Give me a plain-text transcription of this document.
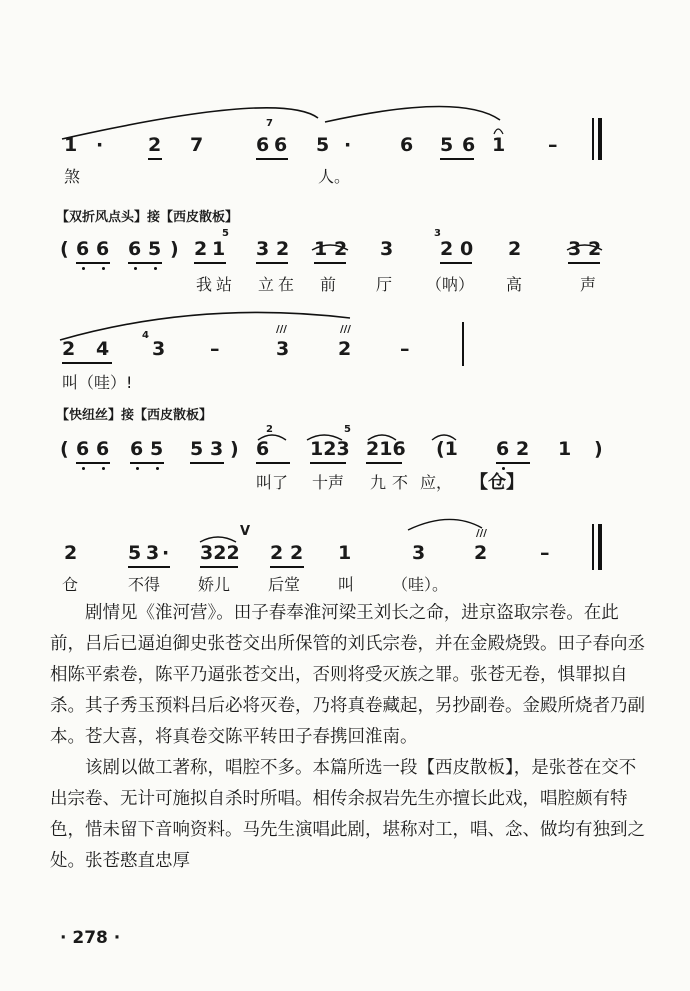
1 · 2 7
7
6 6 5 ·	6 5 6 1 –
煞	人。
【双折风点头】接【西皮散板】
( 6 6 6 5 ) 2 1
5
3 2 1 2 3
3
2 0 2 3 2
我 站 立 在 前 厅 （呐） 高	声
2 4
4
3 –
///
3
///
2	–
叫（哇）!
【快纽丝】接【西皮散板】
( 6 6 6 5 5 3 )
2
6 123
5
216 (1 6 2 1 )
叫了 十声 九 不 应， 【仓】
2	5 3 · 322
V
2 2 1	3
///
2	–
仓	不得 娇儿 后堂 叫 （哇）。

剧情见《淮河营》。田子春奉淮河梁王刘长之命，进京盗取宗卷。在此前，吕后已逼迫御史张苍交出所保管的刘氏宗卷，并在金殿烧毁。田子春向丞相陈平索卷，陈平乃逼张苍交出，否则将受灭族之罪。张苍无卷，惧罪拟自杀。其子秀玉预料吕后必将灭卷，乃将真卷藏起，另抄副卷。金殿所烧者乃副本。苍大喜，将真卷交陈平转田子春携回淮南。

该剧以做工著称，唱腔不多。本篇所选一段【西皮散板】，是张苍在交不出宗卷、无计可施拟自杀时所唱。相传余叔岩先生亦擅长此戏，唱腔颇有特色，惜未留下音响资料。马先生演唱此剧，堪称对工，唱、念、做均有独到之处。张苍憨直忠厚

· 278 ·
